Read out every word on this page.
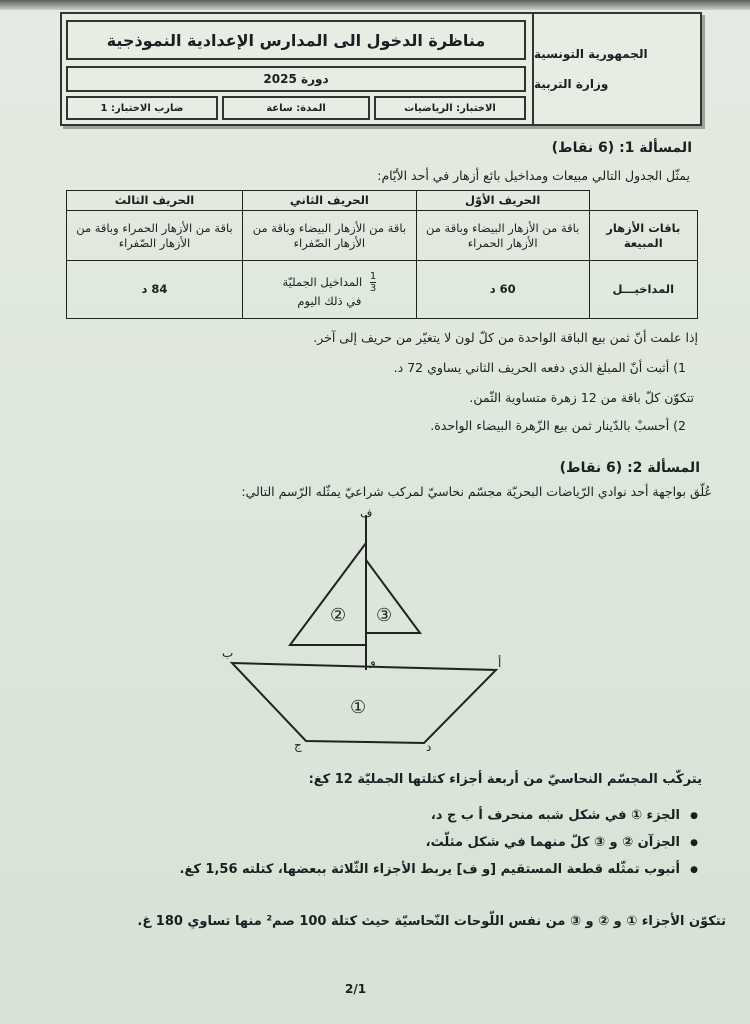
الجمهورية التونسية
وزارة التربية
مناظرة الدخول الى المدارس الإعدادية النموذجية
دورة 2025
ضارب الاختبار: 1	المدة: ساعة	الاختبار: الرياضيات
المسألة 1: (6 نقاط)
يمثّل الجدول التالي مبيعات ومداخيل بائع أزهار في أحد الأيّام:
	الحريف الأوّل	الحريف الثاني	الحريف الثالث
باقات الأزهار المبيعة	باقة من الأزهار البيضاء وباقة من الأزهار الحمراء	باقة من الأزهار البيضاء وباقة من الأزهار الصّفراء	باقة من الأزهار الحمراء وباقة من الأزهار الصّفراء
المداخيـــل	60 د	$\frac{1}{3}$
المداخيل الجمليّة
في ذلك اليوم	84 د
إذا علمت أنّ ثمن بيع الباقة الواحدة من كلّ لون لا يتغيّر من حريف إلى آخر.
1) أثبت أنّ المبلغ الذي دفعه الحريف الثاني يساوي 72 د.
تتكوّن كلّ باقة من 12 زهرة متساوية الثّمن.
2) أحسبْ بالدّينار ثمن بيع الزّهرة البيضاء الواحدة.
المسألة 2: (6 نقاط)
عُلّق بواجهة أحد نوادي الرّياضات البحريّة مجسّم نحاسيّ لمركب شراعيّ يمثّله الرّسم التالي:
ف
و	أ
ب
ج	د
② ③
①
يتركّب المجسّم النحاسيّ من أربعة أجزاء كتلتها الجمليّة 12 كغ:
● الجزء ① في شكل شبه منحرف أ ب ج د،
● الجزآن ② و ③ كلّ منهما في شكل مثلّث،
● أنبوب تمثّله قطعة المستقيم [و ف] يربط الأجزاء الثّلاثة ببعضها، كتلته 1,56 كغ.
تتكوّن الأجزاء ① و ② و ③ من نفس اللّوحات النّحاسيّة حيث كتلة 100 صم² منها تساوي 180 غ.
2/1
